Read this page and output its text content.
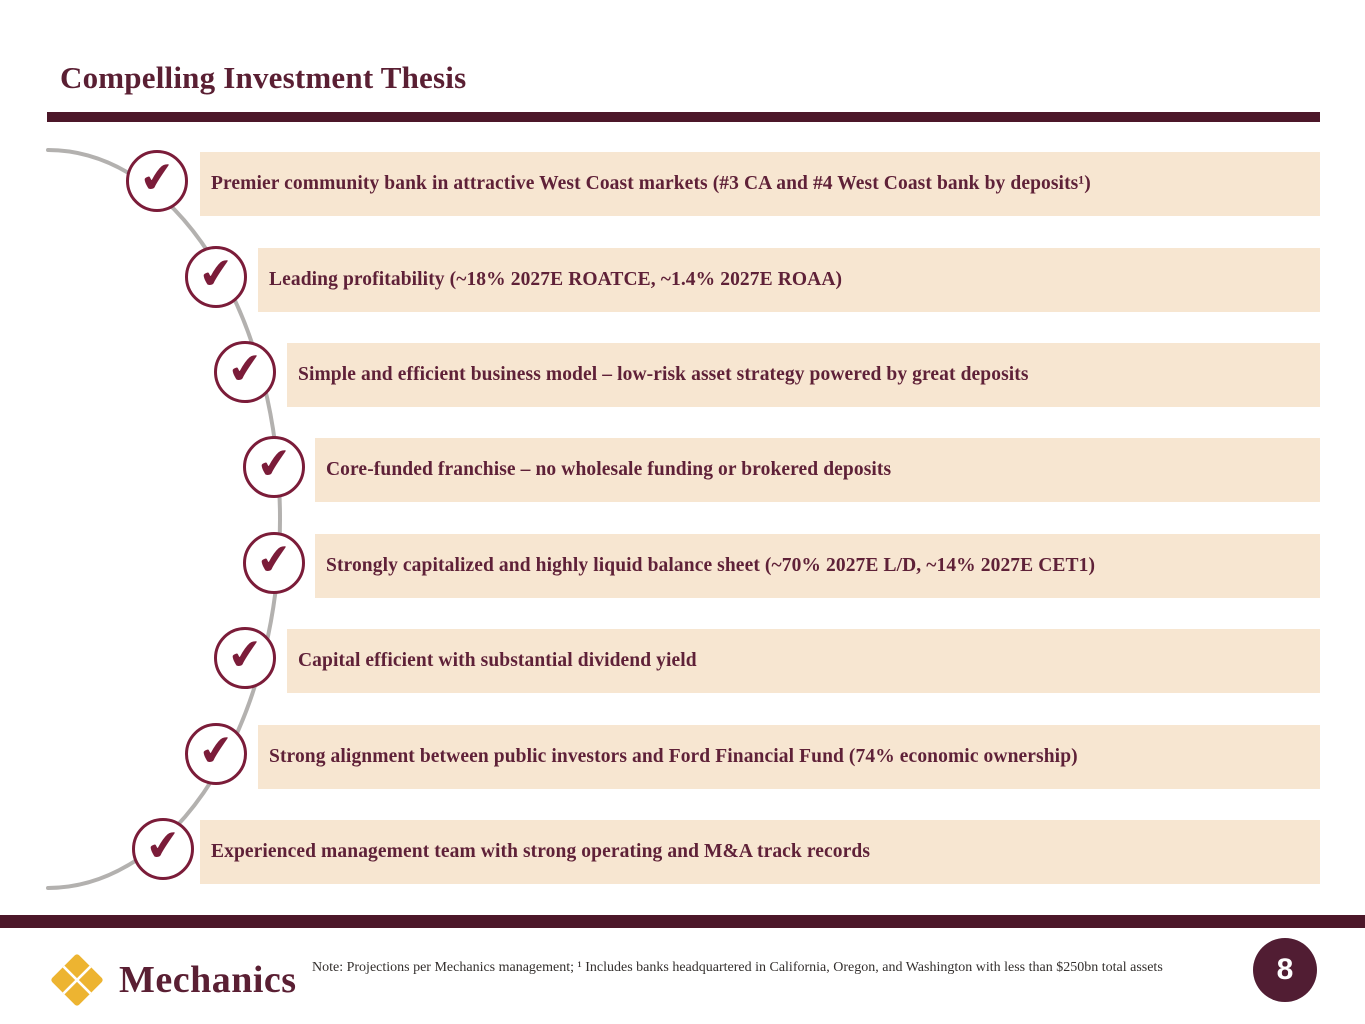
Compelling Investment Thesis
✔ Premier community bank in attractive West Coast markets (#3 CA and #4 West Coast bank by deposits¹)
✔ Leading profitability (~18% 2027E ROATCE, ~1.4% 2027E ROAA)
✔ Simple and efficient business model – low-risk asset strategy powered by great deposits
✔ Core-funded franchise – no wholesale funding or brokered deposits
✔ Strongly capitalized and highly liquid balance sheet (~70% 2027E L/D, ~14% 2027E CET1)
✔ Capital efficient with substantial dividend yield
✔ Strong alignment between public investors and Ford Financial Fund (74% economic ownership)
✔ Experienced management team with strong operating and M&A track records
Mechanics Note: Projections per Mechanics management; ¹ Includes banks headquartered in California, Oregon, and Washington with less than $250bn total assets	8
